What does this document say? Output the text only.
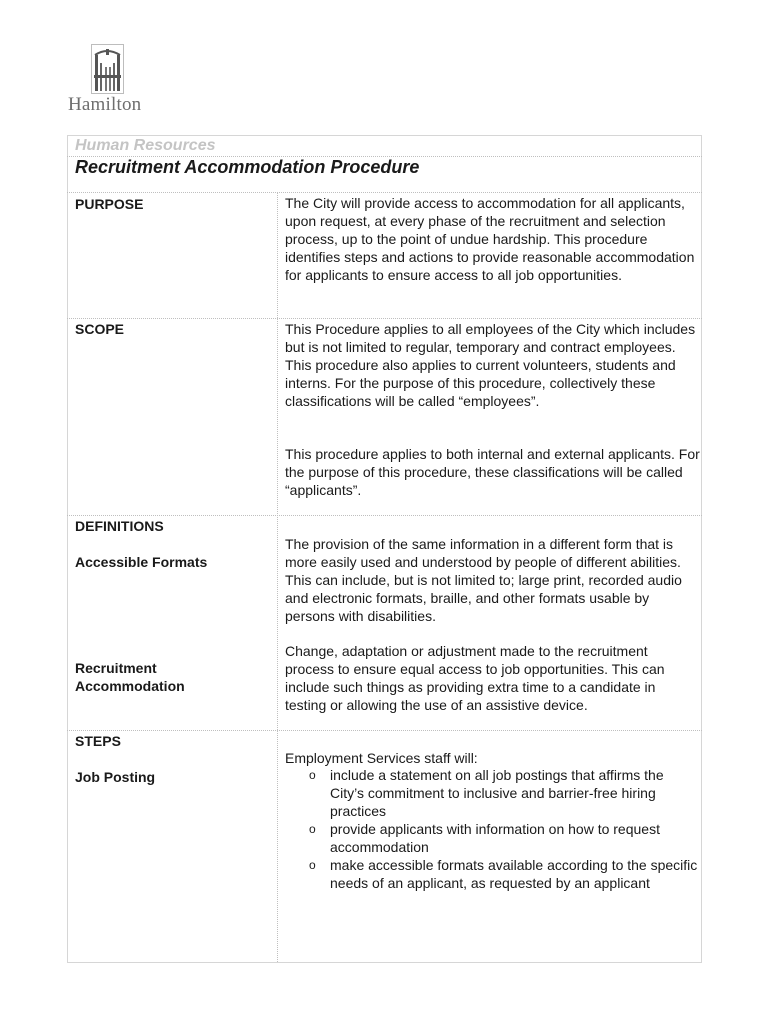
Hamilton
Human Resources
Recruitment Accommodation Procedure
PURPOSE	The City will provide access to accommodation for all applicants, upon request, at every phase of the recruitment and selection process, up to the point of undue hardship. This procedure identifies steps and actions to provide reasonable accommodation for applicants to ensure access to all job opportunities.
SCOPE	This Procedure applies to all employees of the City which includes but is not limited to regular, temporary and contract employees. This procedure also applies to current volunteers, students and interns. For the purpose of this procedure, collectively these classifications will be called “employees”.
This procedure applies to both internal and external applicants. For the purpose of this procedure, these classifications will be called “applicants”.
DEFINITIONS
Accessible Formats
The provision of the same information in a different form that is more easily used and understood by people of different abilities. This can include, but is not limited to; large print, recorded audio and electronic formats, braille, and other formats usable by persons with disabilities.
Recruitment
Accommodation
Change, adaptation or adjustment made to the recruitment process to ensure equal access to job opportunities. This can include such things as providing extra time to a candidate in testing or allowing the use of an assistive device.
STEPS
Job Posting
Employment Services staff will:
o include a statement on all job postings that affirms the City’s commitment to inclusive and barrier-free hiring practices
o provide applicants with information on how to request accommodation
o make accessible formats available according to the specific needs of an applicant, as requested by an applicant
